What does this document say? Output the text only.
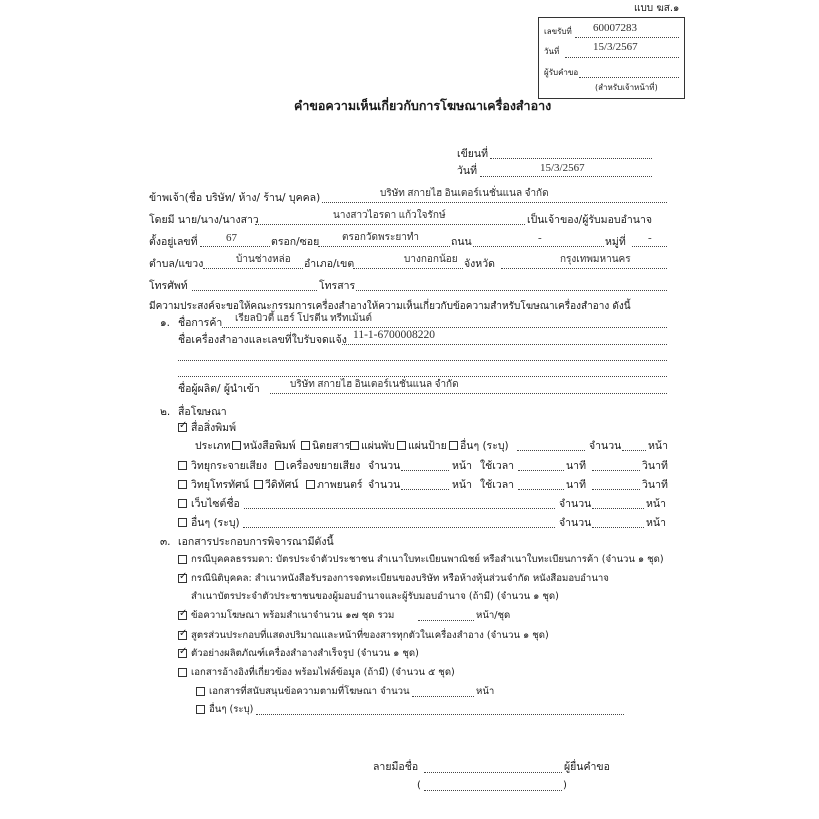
แบบ ฆส.๑
เลขรับที่ 60007283
วันที่	15/3/2567
ผู้รับคำขอ
(สำหรับเจ้าหน้าที่)
คำขอความเห็นเกี่ยวกับการโฆษณาเครื่องสำอาง
เขียนที่
วันที่	15/3/2567
ข้าพเจ้า(ชื่อ บริษัท/ ห้าง/ ร้าน/ บุคคล)	บริษัท สกายไฮ อินเตอร์เนชั่นแนล จำกัด
โดยมี นาย/นาง/นางสาว	นางสาวไอรดา แก้วใจรักษ์	เป็นเจ้าของ/ผู้รับมอบอำนาจ
ตั้งอยู่เลขที่	67	ตรอก/ซอย ตรอกวัดพระยาทำ	ถนน	-	หมู่ที่ -
ตำบล/แขวง	บ้านช่างหล่อ อำเภอ/เขต	บางกอกน้อย จังหวัด	กรุงเทพมหานคร
โทรศัพท์	โทรสาร
มีความประสงค์จะขอให้คณะกรรมการเครื่องสำอางให้ความเห็นเกี่ยวกับข้อความสำหรับโฆษณาเครื่องสำอาง ดังนี้
๑. ชื่อการค้า เรียลบิวตี้ แฮร์ โปรตีน ทรีทเม้นต์
ชื่อเครื่องสำอางและเลขที่ใบรับจดแจ้ง 11-1-6700008220
ชื่อผู้ผลิต/ ผู้นำเข้า	บริษัท สกายไฮ อินเตอร์เนชั่นแนล จำกัด
๒. สื่อโฆษณา
✓ สื่อสิ่งพิมพ์
ประเภท หนังสือพิมพ์ นิตยสาร แผ่นพับ แผ่นป้าย อื่นๆ (ระบุ)	จำนวน	หน้า
วิทยุกระจายเสียง เครื่องขยายเสียง จำนวน	หน้า ใช้เวลา	นาที	วินาที
วิทยุโทรทัศน์ วีดิทัศน์ ภาพยนตร์ จำนวน	หน้า ใช้เวลา	นาที	วินาที
เว็บไซต์ชื่อ	จำนวน	หน้า
อื่นๆ (ระบุ)	จำนวน	หน้า
๓. เอกสารประกอบการพิจารณามีดังนี้
กรณีบุคคลธรรมดา: บัตรประจำตัวประชาชน สำเนาใบทะเบียนพาณิชย์ หรือสำเนาใบทะเบียนการค้า (จำนวน ๑ ชุด)
✓ กรณีนิติบุคคล: สำเนาหนังสือรับรองการจดทะเบียนของบริษัท หรือห้างหุ้นส่วนจำกัด หนังสือมอบอำนาจ
สำเนาบัตรประจำตัวประชาชนของผู้มอบอำนาจและผู้รับมอบอำนาจ (ถ้ามี) (จำนวน ๑ ชุด)
✓ ข้อความโฆษณา พร้อมสำเนาจำนวน ๑๗ ชุด รวม	หน้า/ชุด
✓ สูตรส่วนประกอบที่แสดงปริมาณและหน้าที่ของสารทุกตัวในเครื่องสำอาง (จำนวน ๑ ชุด)
✓ ตัวอย่างผลิตภัณฑ์เครื่องสำอางสำเร็จรูป (จำนวน ๑ ชุด)
เอกสารอ้างอิงที่เกี่ยวข้อง พร้อมไฟล์ข้อมูล (ถ้ามี) (จำนวน ๕ ชุด)
เอกสารที่สนับสนุนข้อความตามที่โฆษณา จำนวน	หน้า
อื่นๆ (ระบุ)
ลายมือชื่อ	ผู้ยื่นคำขอ
(	)
